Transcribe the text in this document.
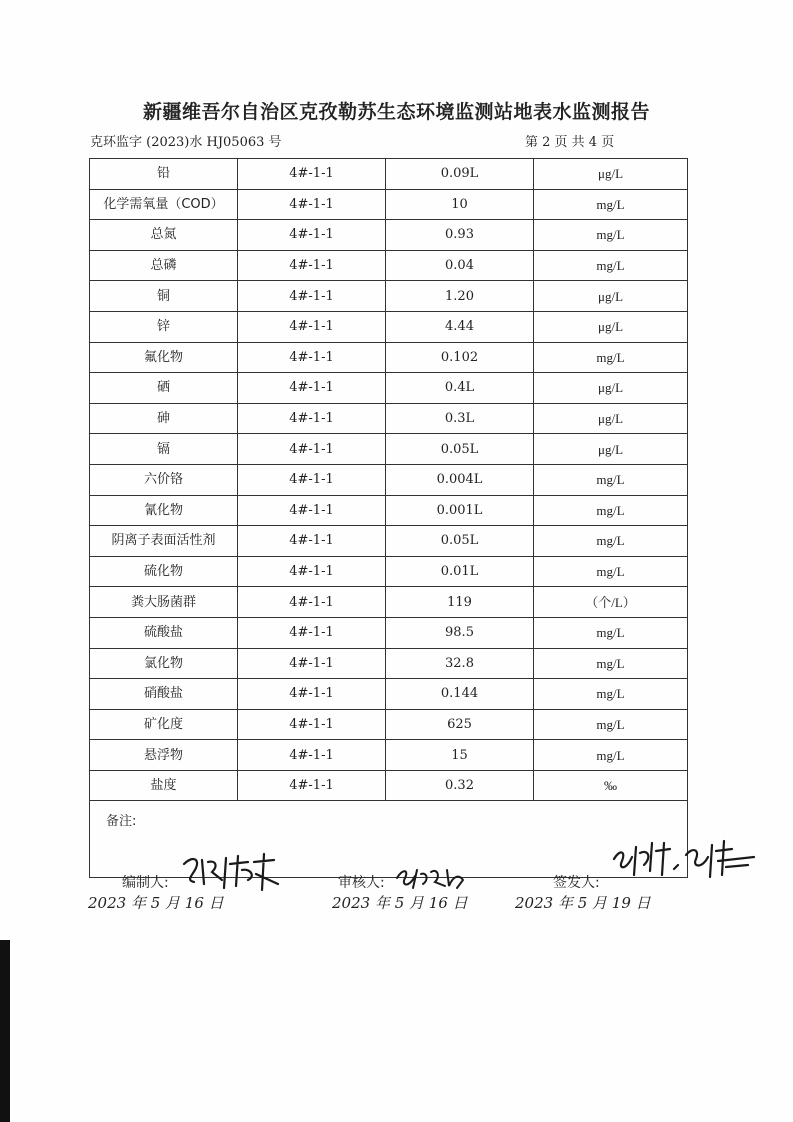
新疆维吾尔自治区克孜勒苏生态环境监测站地表水监测报告
克环监字 (2023)水 HJ05063 号	第 2 页 共 4 页
铅	4#-1-1	0.09L	μg/L
化学需氧量（COD）	4#-1-1	10	mg/L
总氮	4#-1-1	0.93	mg/L
总磷	4#-1-1	0.04	mg/L
铜	4#-1-1	1.20	μg/L
锌	4#-1-1	4.44	μg/L
氟化物	4#-1-1	0.102	mg/L
硒	4#-1-1	0.4L	μg/L
砷	4#-1-1	0.3L	μg/L
镉	4#-1-1	0.05L	μg/L
六价铬	4#-1-1	0.004L	mg/L
氰化物	4#-1-1	0.001L	mg/L
阴离子表面活性剂	4#-1-1	0.05L	mg/L
硫化物	4#-1-1	0.01L	mg/L
粪大肠菌群	4#-1-1	119	（个/L）
硫酸盐	4#-1-1	98.5	mg/L
氯化物	4#-1-1	32.8	mg/L
硝酸盐	4#-1-1	0.144	mg/L
矿化度	4#-1-1	625	mg/L
悬浮物	4#-1-1	15	mg/L
盐度	4#-1-1	0.32	‰
备注:			
编制人:
2023 年 5 月 16 日
审核人:
2023 年 5 月 16 日
签发人:
2023 年 5 月 19 日
